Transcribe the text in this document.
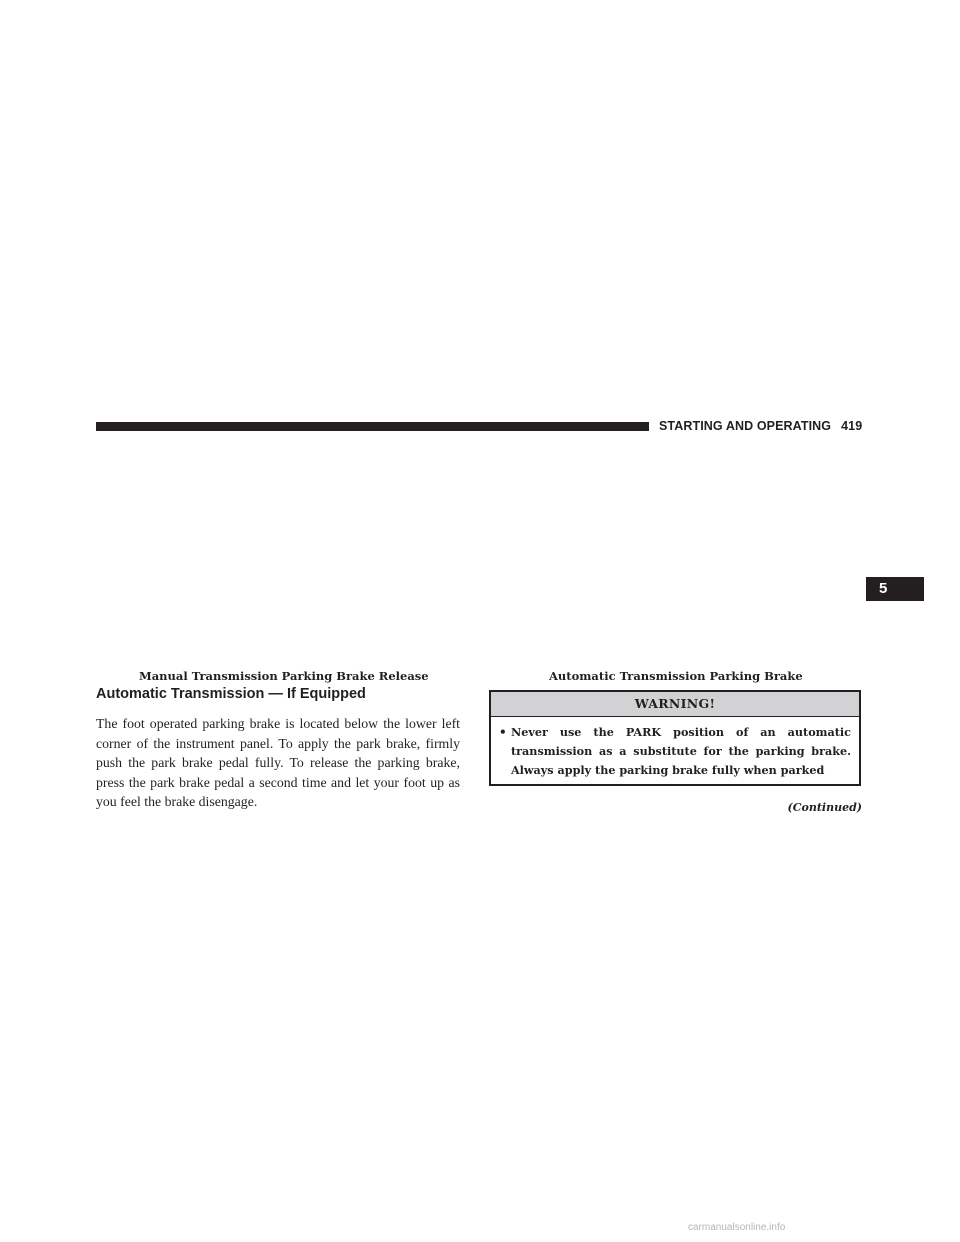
STARTING AND OPERATING 419
5
Manual Transmission Parking Brake Release	Automatic Transmission Parking Brake
Automatic Transmission — If Equipped

The foot operated parking brake is located below the lower left corner of the instrument panel. To apply the park brake, firmly push the park brake pedal fully. To release the parking brake, press the park brake pedal a second time and let your foot up as you feel the brake disengage.

WARNING!
• Never use the PARK position of an automatic transmission as a substitute for the parking brake. Always apply the parking brake fully when parked
(Continued)
carmanualsonline.info
